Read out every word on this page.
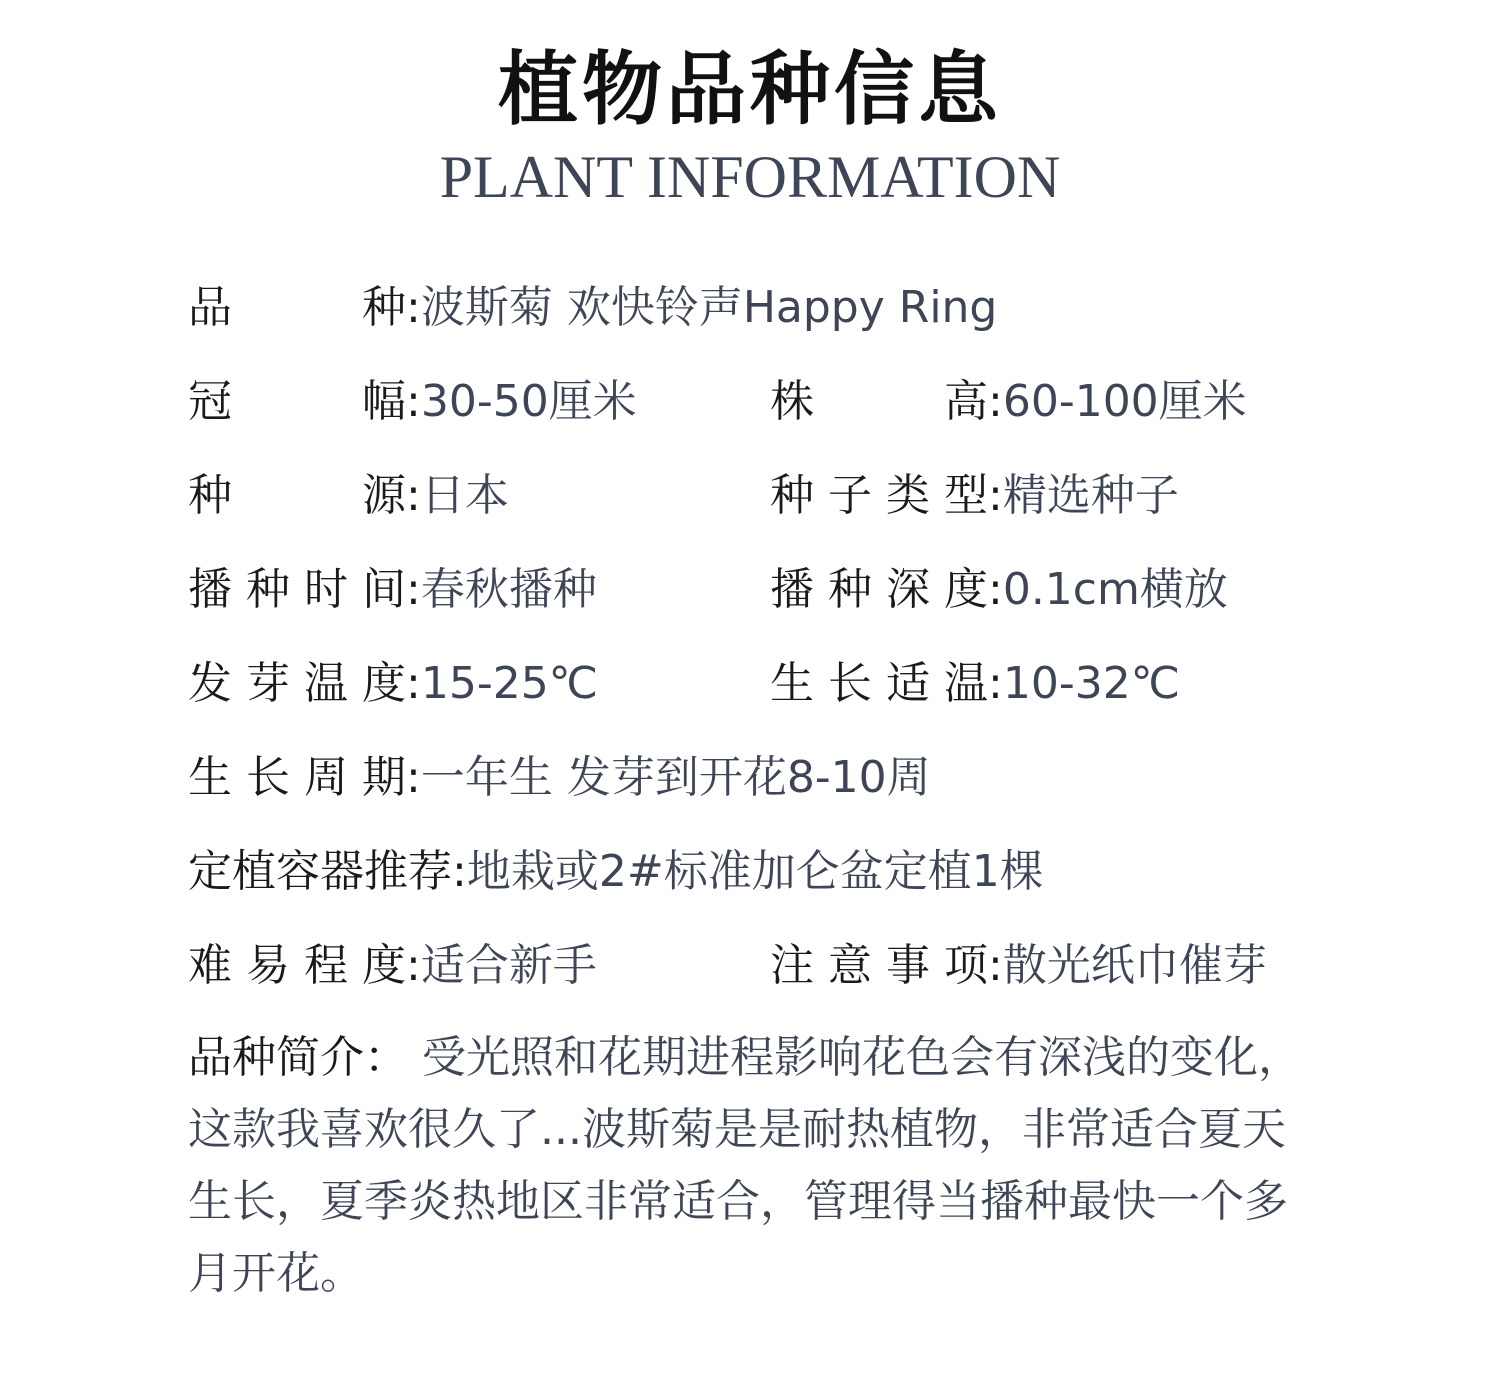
植物品种信息
PLANT INFORMATION
品 种:波斯菊 欢快铃声Happy Ring
冠 幅:30-50厘米	株 高:60-100厘米
种 源:日本	种子类型:精选种子
播种时间:春秋播种	播种深度:0.1cm横放
发芽温度:15-25℃	生长适温:10-32℃
生长周期:一年生 发芽到开花8-10周
定植容器推荐:地栽或2#标准加仑盆定植1棵
难易程度:适合新手	注意事项:散光纸巾催芽
品种简介： 受光照和花期进程影响花色会有深浅的变化，这款我喜欢很久了...波斯菊是是耐热植物，非常适合夏天生长，夏季炎热地区非常适合，管理得当播种最快一个多月开花。
